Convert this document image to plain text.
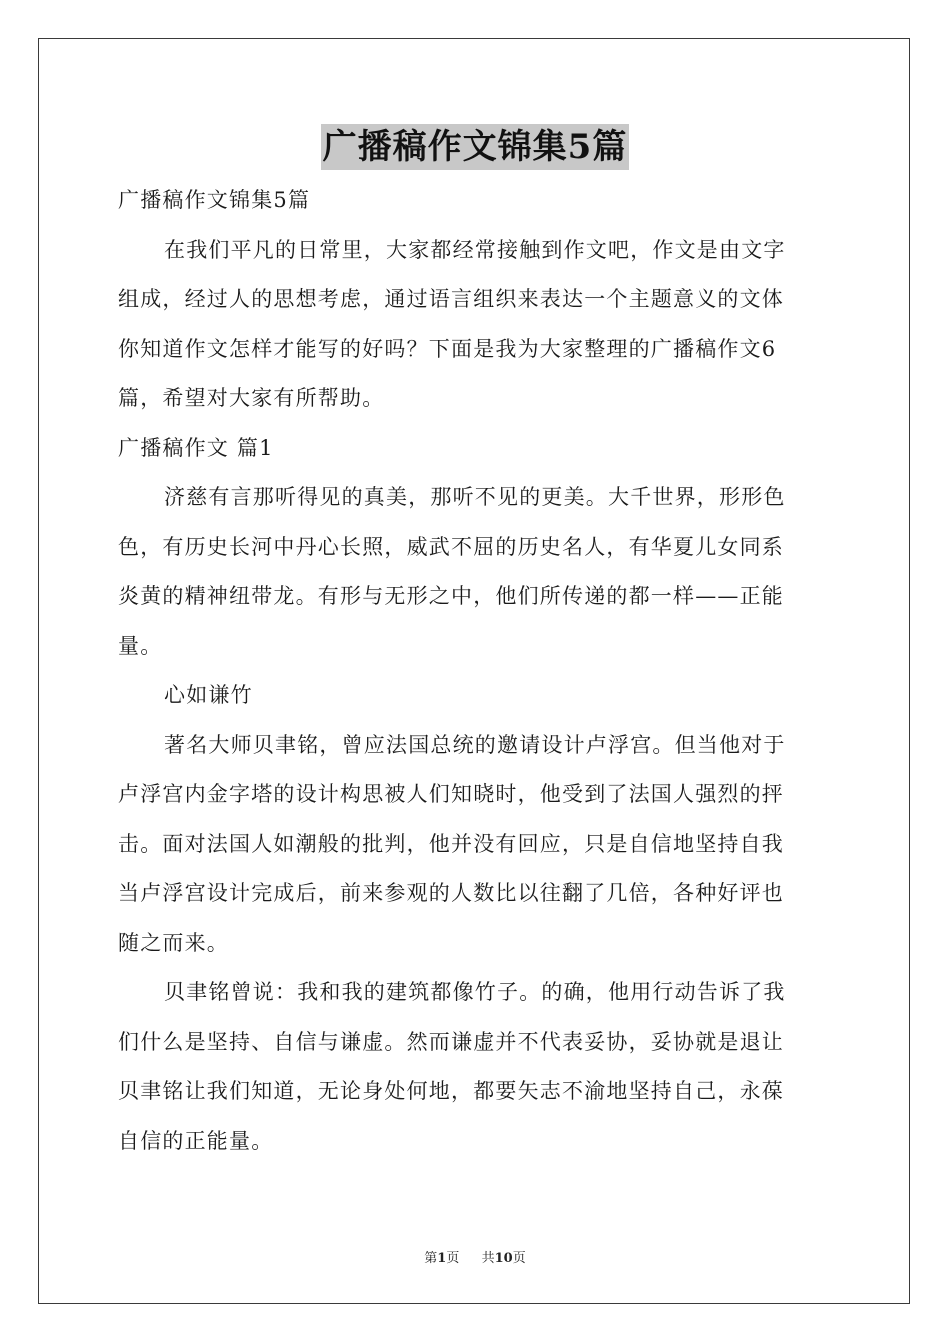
广播稿作文锦集5篇
广播稿作文锦集5篇
在我们平凡的日常里，大家都经常接触到作文吧，作文是由文字
组成，经过人的思想考虑，通过语言组织来表达一个主题意义的文体
你知道作文怎样才能写的好吗？下面是我为大家整理的广播稿作文6
篇，希望对大家有所帮助。
广播稿作文 篇1
济慈有言那听得见的真美，那听不见的更美。大千世界，形形色
色，有历史长河中丹心长照，威武不屈的历史名人，有华夏儿女同系
炎黄的精神纽带龙。有形与无形之中，他们所传递的都一样——正能
量。
心如谦竹
著名大师贝聿铭，曾应法国总统的邀请设计卢浮宫。但当他对于
卢浮宫内金字塔的设计构思被人们知晓时，他受到了法国人强烈的抨
击。面对法国人如潮般的批判，他并没有回应，只是自信地坚持自我
当卢浮宫设计完成后，前来参观的人数比以往翻了几倍，各种好评也
随之而来。
贝聿铭曾说：我和我的建筑都像竹子。的确，他用行动告诉了我
们什么是坚持、自信与谦虚。然而谦虚并不代表妥协，妥协就是退让
贝聿铭让我们知道，无论身处何地，都要矢志不渝地坚持自己，永葆
自信的正能量。
第1页 共10页
